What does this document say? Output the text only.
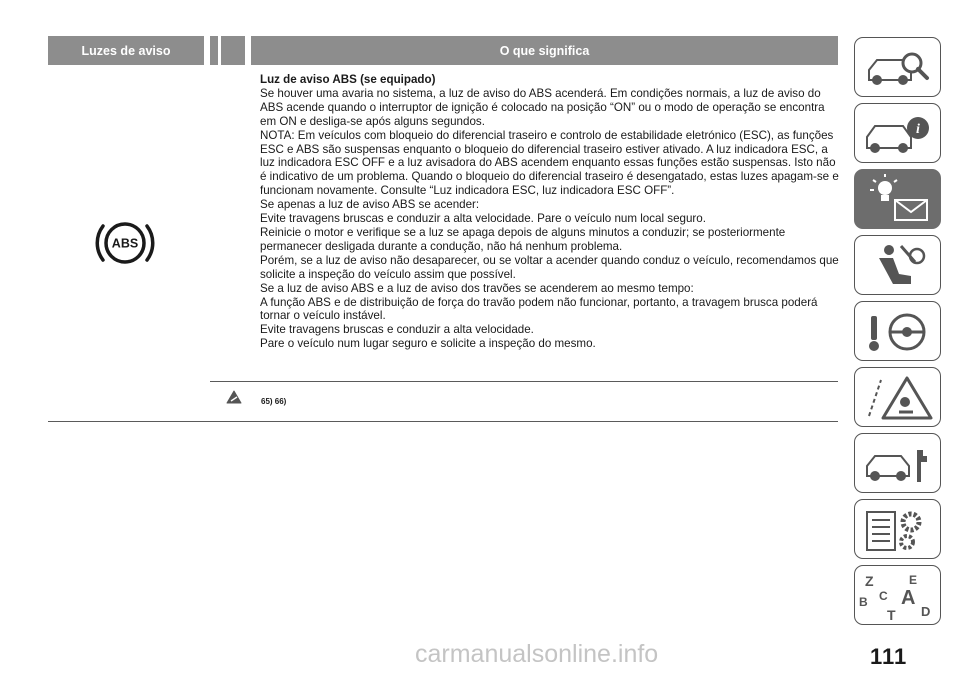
Luzes de aviso	O que significa
ABS

Luz de aviso ABS (se equipado)

Se houver uma avaria no sistema, a luz de aviso do ABS acenderá. Em condições normais, a luz de aviso do ABS acende quando o interruptor de ignição é colocado na posição “ON” ou o modo de operação se encontra em ON e desliga-se após alguns segundos.

NOTA: Em veículos com bloqueio do diferencial traseiro e controlo de estabilidade eletrónico (ESC), as funções ESC e ABS são suspensas enquanto o bloqueio do diferencial traseiro estiver ativado. A luz indicadora ESC, a luz indicadora ESC OFF e a luz avisadora do ABS acendem enquanto essas funções estão suspensas. Isto não é indicativo de um problema. Quando o bloqueio do diferencial traseiro é desengatado, estas luzes apagam-se e funcionam novamente. Consulte “Luz indicadora ESC, luz indicadora ESC OFF”.

Se apenas a luz de aviso ABS se acender:

Evite travagens bruscas e conduzir a alta velocidade. Pare o veículo num local seguro.

Reinicie o motor e verifique se a luz se apaga depois de alguns minutos a conduzir; se posteriormente permanecer desligada durante a condução, não há nenhum problema.

Porém, se a luz de aviso não desaparecer, ou se voltar a acender quando conduz o veículo, recomendamos que solicite a inspeção do veículo assim que possível.

Se a luz de aviso ABS e a luz de aviso dos travões se acenderem ao mesmo tempo:

A função ABS e de distribuição de força do travão podem não funcionar, portanto, a travagem brusca poderá tornar o veículo instável.

Evite travagens bruscas e conduzir a alta velocidade.

Pare o veículo num lugar seguro e solicite a inspeção do mesmo.

65) 66)
i
Z	E
B C A
D
T
carmanualsonline.info	111
